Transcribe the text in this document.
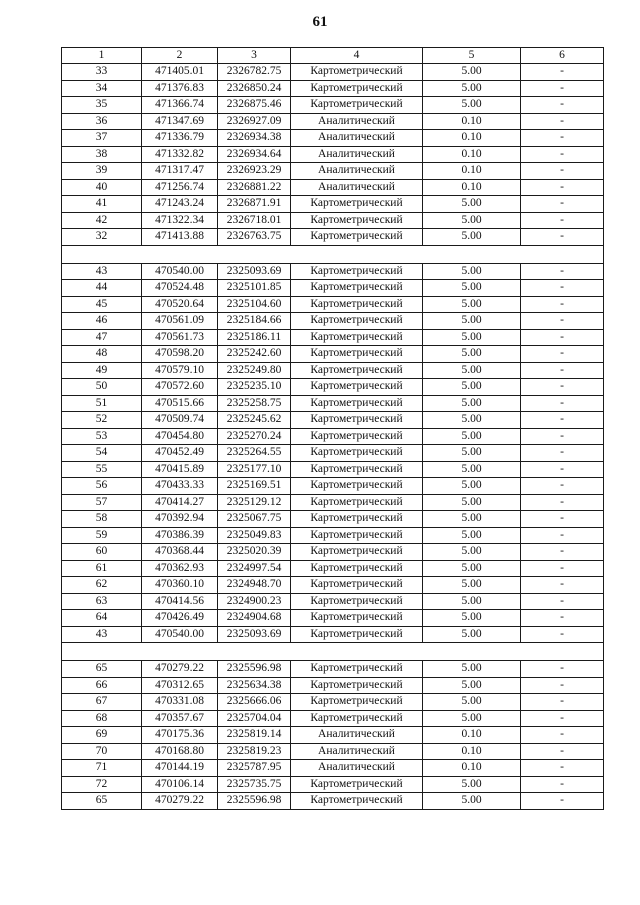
61
1	2	3	4	5	6
33	471405.01	2326782.75	Картометрический	5.00	-
34	471376.83	2326850.24	Картометрический	5.00	-
35	471366.74	2326875.46	Картометрический	5.00	-
36	471347.69	2326927.09	Аналитический	0.10	-
37	471336.79	2326934.38	Аналитический	0.10	-
38	471332.82	2326934.64	Аналитический	0.10	-
39	471317.47	2326923.29	Аналитический	0.10	-
40	471256.74	2326881.22	Аналитический	0.10	-
41	471243.24	2326871.91	Картометрический	5.00	-
42	471322.34	2326718.01	Картометрический	5.00	-
32	471413.88	2326763.75	Картометрический	5.00	-

43	470540.00	2325093.69	Картометрический	5.00	-
44	470524.48	2325101.85	Картометрический	5.00	-
45	470520.64	2325104.60	Картометрический	5.00	-
46	470561.09	2325184.66	Картометрический	5.00	-
47	470561.73	2325186.11	Картометрический	5.00	-
48	470598.20	2325242.60	Картометрический	5.00	-
49	470579.10	2325249.80	Картометрический	5.00	-
50	470572.60	2325235.10	Картометрический	5.00	-
51	470515.66	2325258.75	Картометрический	5.00	-
52	470509.74	2325245.62	Картометрический	5.00	-
53	470454.80	2325270.24	Картометрический	5.00	-
54	470452.49	2325264.55	Картометрический	5.00	-
55	470415.89	2325177.10	Картометрический	5.00	-
56	470433.33	2325169.51	Картометрический	5.00	-
57	470414.27	2325129.12	Картометрический	5.00	-
58	470392.94	2325067.75	Картометрический	5.00	-
59	470386.39	2325049.83	Картометрический	5.00	-
60	470368.44	2325020.39	Картометрический	5.00	-
61	470362.93	2324997.54	Картометрический	5.00	-
62	470360.10	2324948.70	Картометрический	5.00	-
63	470414.56	2324900.23	Картометрический	5.00	-
64	470426.49	2324904.68	Картометрический	5.00	-
43	470540.00	2325093.69	Картометрический	5.00	-

65	470279.22	2325596.98	Картометрический	5.00	-
66	470312.65	2325634.38	Картометрический	5.00	-
67	470331.08	2325666.06	Картометрический	5.00	-
68	470357.67	2325704.04	Картометрический	5.00	-
69	470175.36	2325819.14	Аналитический	0.10	-
70	470168.80	2325819.23	Аналитический	0.10	-
71	470144.19	2325787.95	Аналитический	0.10	-
72	470106.14	2325735.75	Картометрический	5.00	-
65	470279.22	2325596.98	Картометрический	5.00	-
